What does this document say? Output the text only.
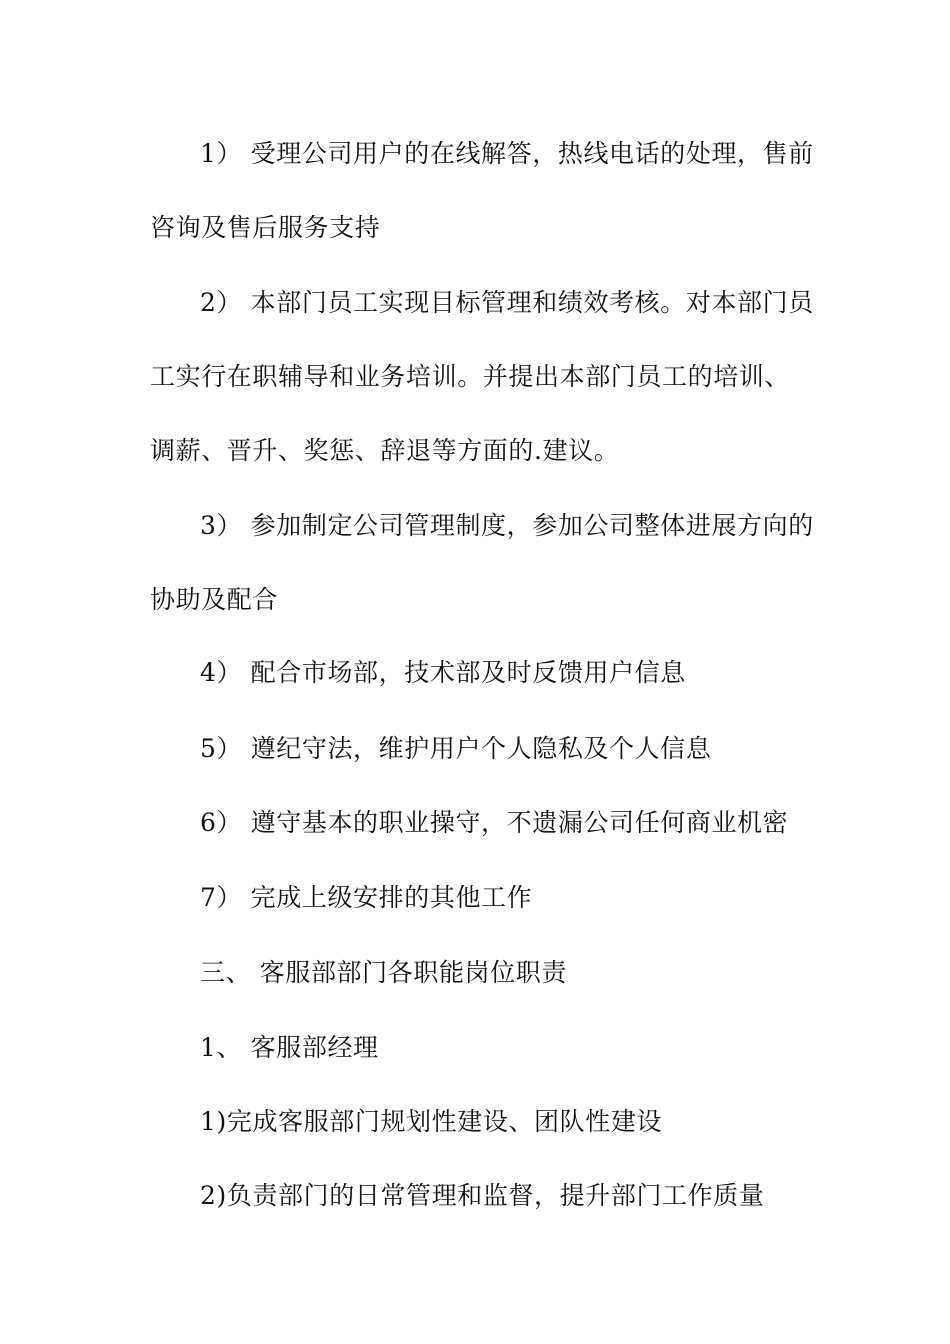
1） 受理公司用户的在线解答，热线电话的处理，售前
咨询及售后服务支持
2） 本部门员工实现目标管理和绩效考核。对本部门员
工实行在职辅导和业务培训。并提出本部门员工的培训、
调薪、晋升、奖惩、辞退等方面的.建议。
3） 参加制定公司管理制度，参加公司整体进展方向的
协助及配合
4） 配合市场部，技术部及时反馈用户信息
5） 遵纪守法，维护用户个人隐私及个人信息
6） 遵守基本的职业操守，不遗漏公司任何商业机密
7） 完成上级安排的其他工作
三、 客服部部门各职能岗位职责
1、 客服部经理
1)完成客服部门规划性建设、团队性建设
2)负责部门的日常管理和监督，提升部门工作质量
